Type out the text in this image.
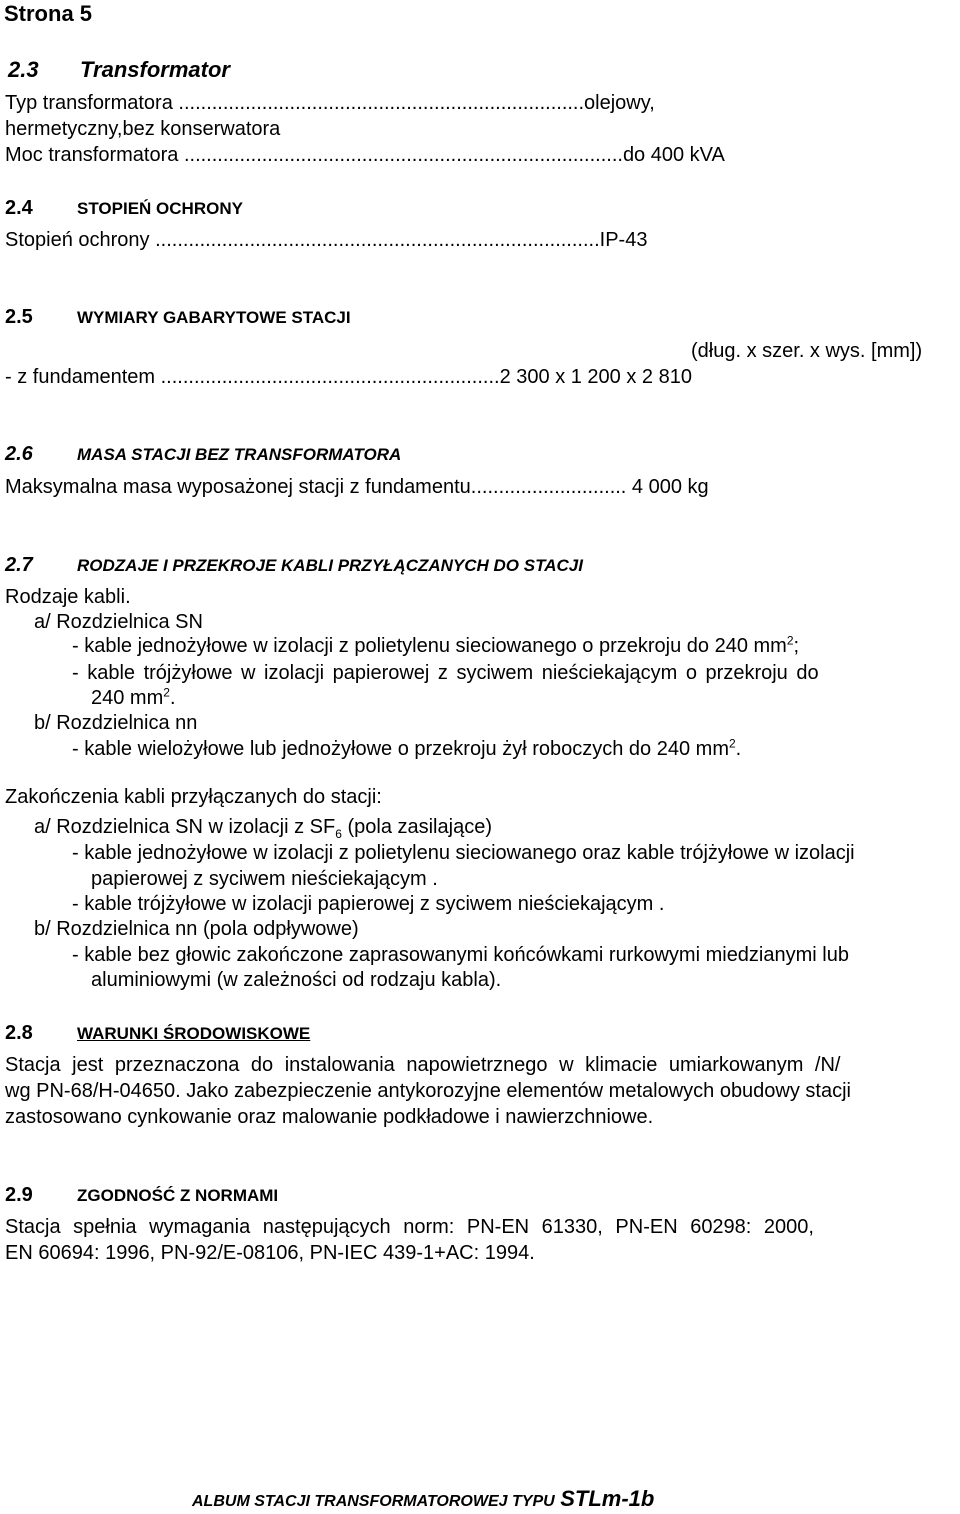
Strona 5
2.3 Transformator
Typ transformatora .........................................................................olejowy,
hermetyczny,bez konserwatora
Moc transformatora ...............................................................................do 400 kVA
2.4	STOPIEŃ OCHRONY
Stopień ochrony ................................................................................IP-43
2.5	WYMIARY GABARYTOWE STACJI
(dług. x szer. x wys. [mm])
- z fundamentem .............................................................2 300 x 1 200 x 2 810
2.6	MASA STACJI BEZ TRANSFORMATORA
Maksymalna masa wyposażonej stacji z fundamentu............................ 4 000 kg
2.7	RODZAJE I PRZEKROJE KABLI PRZYŁĄCZANYCH DO STACJI
Rodzaje kabli.
a/ Rozdzielnica SN
- kable jednożyłowe w izolacji z polietylenu sieciowanego o przekroju do 240 $mm^2$;
- kable trójżyłowe w izolacji papierowej z syciwem nieściekającym o przekroju do
240 $mm^2$.
b/ Rozdzielnica nn
- kable wielożyłowe lub jednożyłowe o przekroju żył roboczych do 240 $mm^2$.
Zakończenia kabli przyłączanych do stacji:
a/ Rozdzielnica SN w izolacji z $SF_6$ (pola zasilające)
- kable jednożyłowe w izolacji z polietylenu sieciowanego oraz kable trójżyłowe w izolacji
papierowej z syciwem nieściekającym .
- kable trójżyłowe w izolacji papierowej z syciwem nieściekającym .
b/ Rozdzielnica nn (pola odpływowe)
- kable bez głowic zakończone zaprasowanymi końcówkami rurkowymi miedzianymi lub
aluminiowymi (w zależności od rodzaju kabla).
2.8	WARUNKI ŚRODOWISKOWE
Stacja jest przeznaczona do instalowania napowietrznego w klimacie umiarkowanym /N/
wg PN-68/H-04650. Jako zabezpieczenie antykorozyjne elementów metalowych obudowy stacji
zastosowano cynkowanie oraz malowanie podkładowe i nawierzchniowe.
2.9	ZGODNOŚĆ Z NORMAMI
Stacja spełnia wymagania następujących norm: PN-EN 61330, PN-EN 60298: 2000,
EN 60694: 1996, PN-92/E-08106, PN-IEC 439-1+AC: 1994.
ALBUM STACJI TRANSFORMATOROWEJ TYPU STLm-1b
